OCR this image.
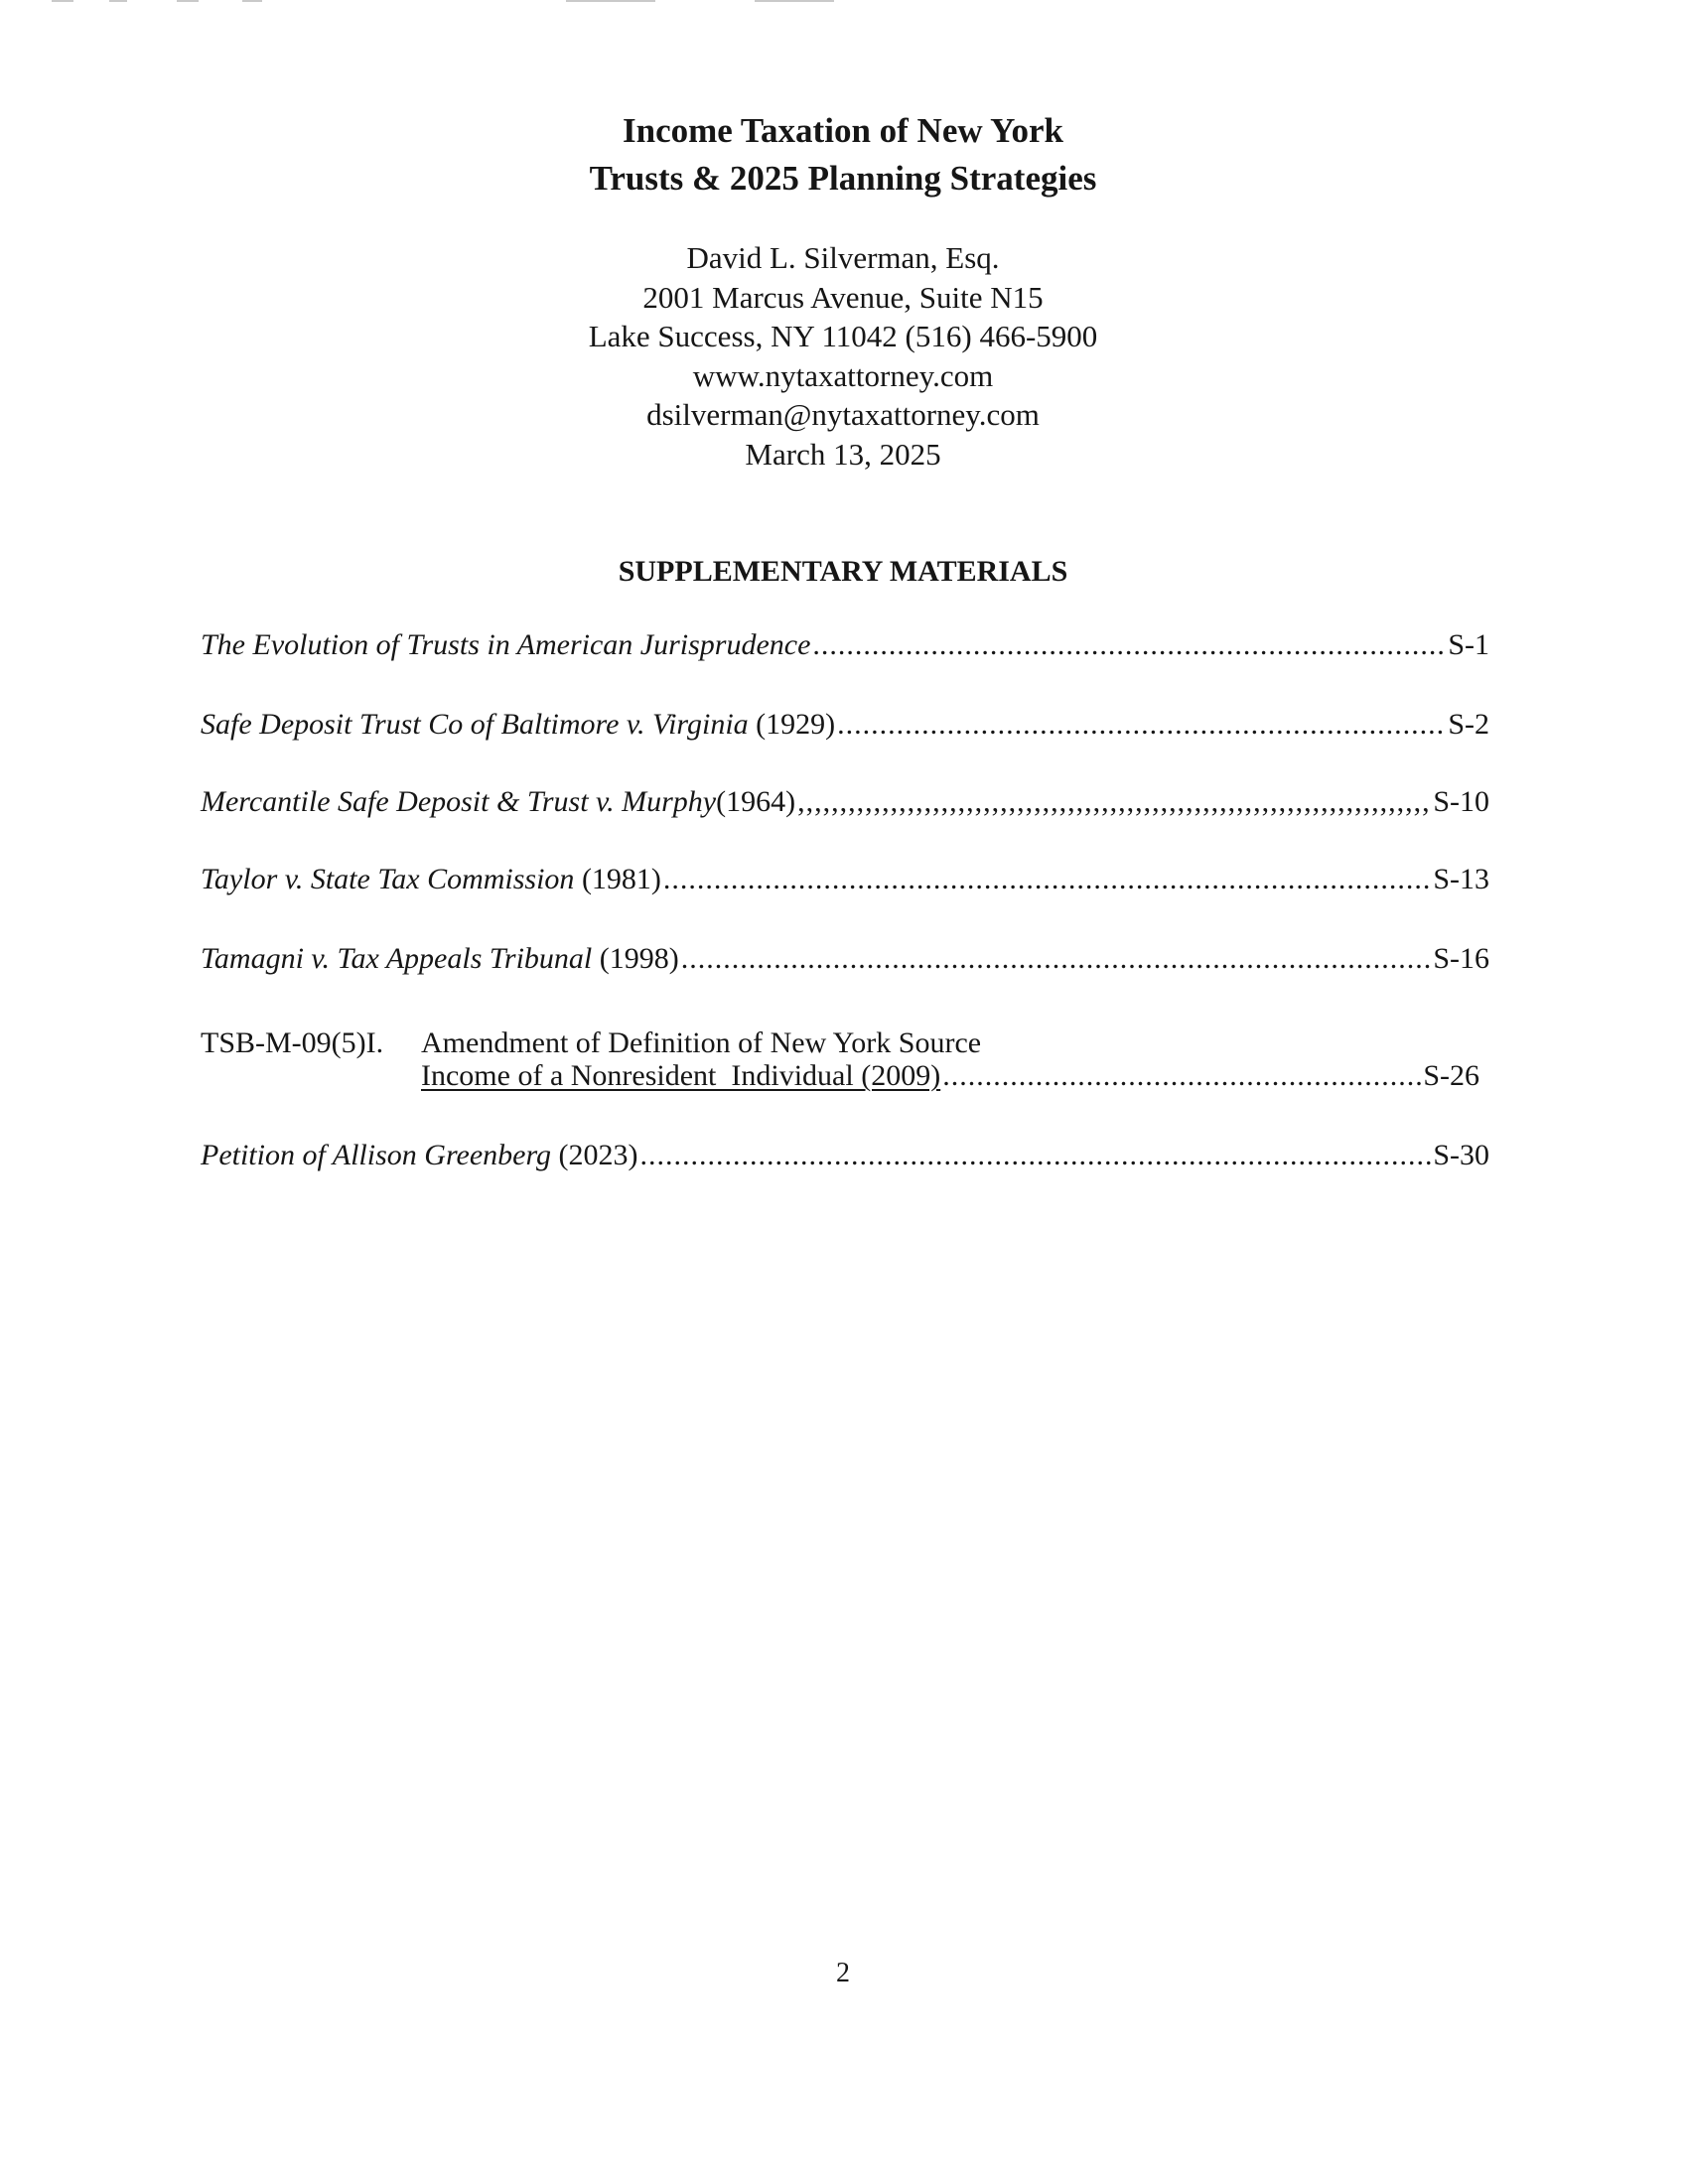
Income Taxation of New York
Trusts & 2025 Planning Strategies
David L. Silverman, Esq.
2001 Marcus Avenue, Suite N15
Lake Success, NY 11042 (516) 466-5900
www.nytaxattorney.com
dsilverman@nytaxattorney.com
March 13, 2025
SUPPLEMENTARY MATERIALS
The Evolution of Trusts in American Jurisprudence .....	S-1
Safe Deposit Trust Co of Baltimore v. Virginia (1929) .....	S-2
Mercantile Safe Deposit & Trust v. Murphy(1964) ,,,,,,,,,,,,,,,,,,,,,,,,,,,,,,,,,,,,,,,,,,,,,,,,,,,,,,,,,,,,,,,,,,,,,,,,,,,,,,,,,,,,,,,,,,,,,,,,,,,,,,,,,,,,,,,,,,,,,,,,,,,,,,,,,,,,,,,,,,,,,,,,,,,,,,,,,,,,,,,,,,,	S-10
Taylor v. State Tax Commission (1981) .....	S-13
Tamagni v. Tax Appeals Tribunal (1998) .....	S-16
TSB-M-09(5)I. Amendment of Definition of New York Source
Income of a Nonresident  Individual (2009) .....	S-26
Petition of Allison Greenberg (2023) .....	S-30
2
